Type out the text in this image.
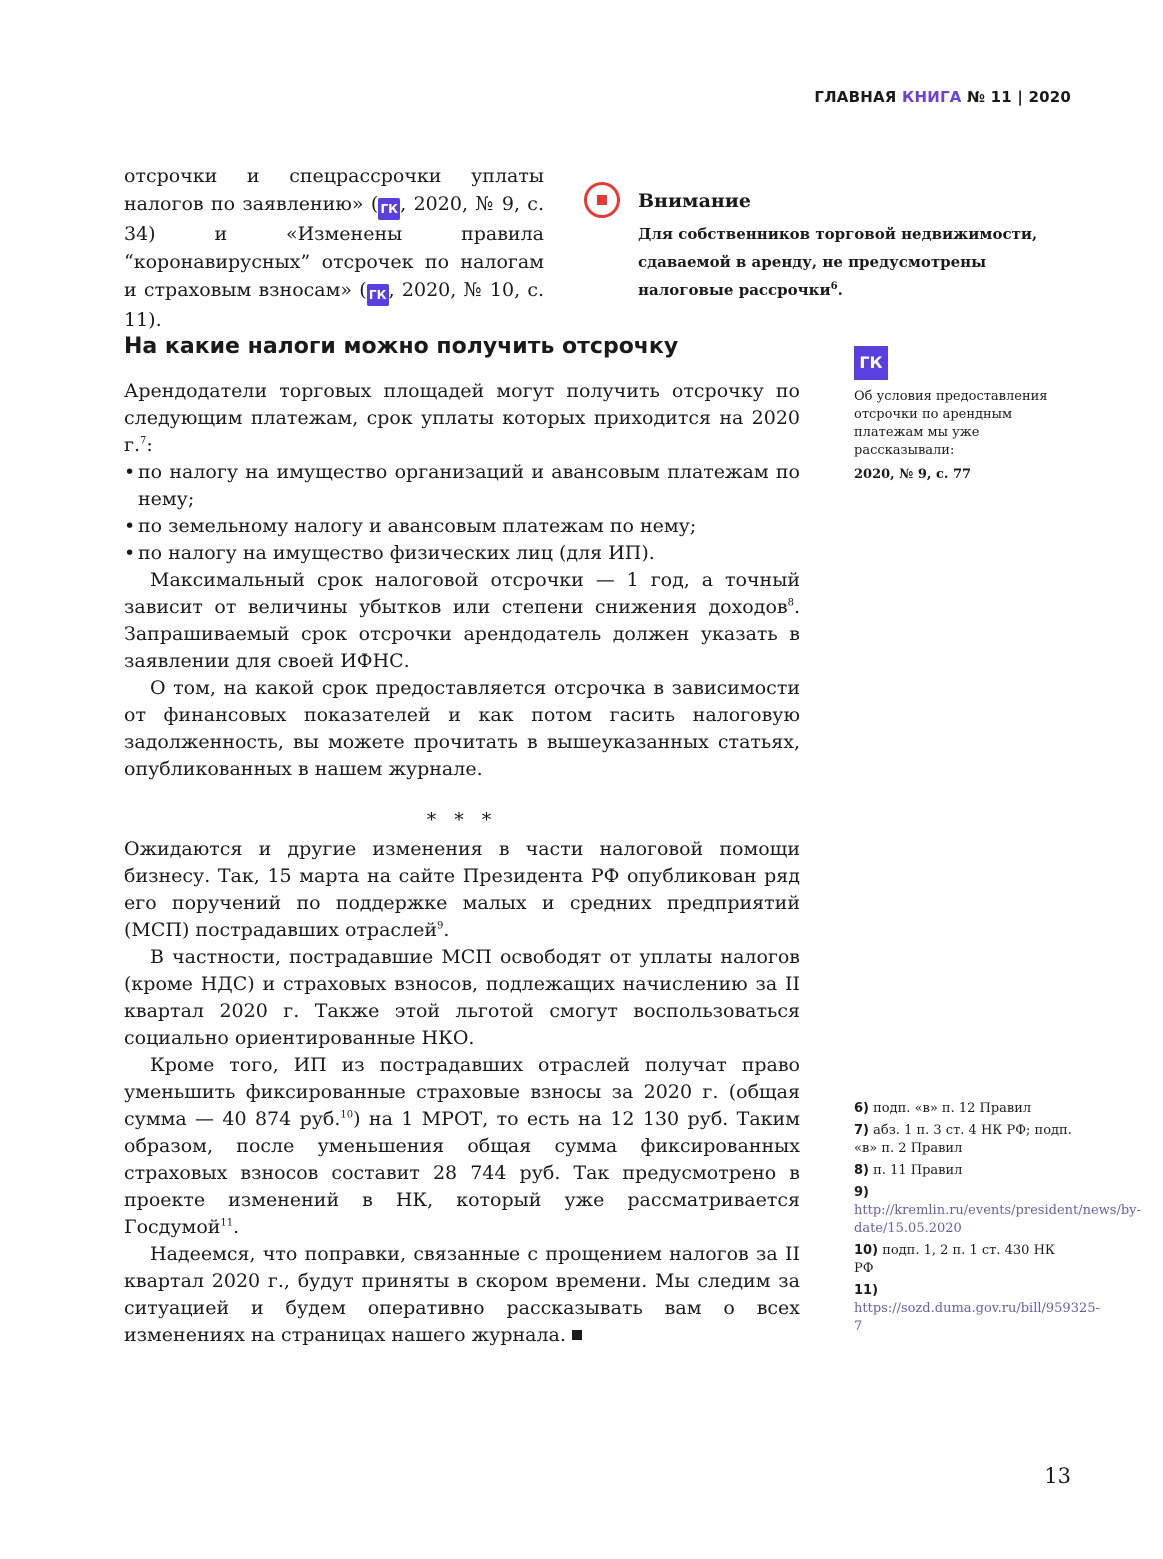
ГЛАВНАЯ КНИГА № 11 | 2020
отсрочки и спецрассрочки уплаты налогов по заявлению» ( ГК , 2020, № 9, с. 34) и «Изменены правила “коронавирусных” отсрочек по налогам и страховым взносам» ( ГК , 2020, № 10, с. 11).
Внимание
Для собственников торговой недвижимости, сдаваемой в аренду, не предусмотрены налоговые рассрочки$^6$.
На какие налоги можно получить отсрочку

Арендодатели торговых площадей могут получить отсрочку по следующим платежам, срок уплаты которых приходится на 2020 г.$^7$:

• по налогу на имущество организаций и авансовым платежам по нему;
• по земельному налогу и авансовым платежам по нему;
• по налогу на имущество физических лиц (для ИП).

Максимальный срок налоговой отсрочки — 1 год, а точный зависит от величины убытков или степени снижения доходов$^8$. Запрашиваемый срок отсрочки арендодатель должен указать в заявлении для своей ИФНС.

О том, на какой срок предоставляется отсрочка в зависимости от финансовых показателей и как потом гасить налоговую задолженность, вы можете прочитать в вышеуказанных статьях, опубликованных в нашем журнале.

* * *

Ожидаются и другие изменения в части налоговой помощи бизнесу. Так, 15 марта на сайте Президента РФ опубликован ряд его поручений по поддержке малых и средних предприятий (МСП) пострадавших отраслей$^9$.

В частности, пострадавшие МСП освободят от уплаты налогов (кроме НДС) и страховых взносов, подлежащих начислению за II квартал 2020 г. Также этой льготой смогут воспользоваться социально ориентированные НКО.

Кроме того, ИП из пострадавших отраслей получат право уменьшить фиксированные страховые взносы за 2020 г. (общая сумма — 40 874 руб.$^{10}$) на 1 МРОТ, то есть на 12 130 руб. Таким образом, после уменьшения общая сумма фиксированных страховых взносов составит 28 744 руб. Так предусмотрено в проекте изменений в НК, который уже рассматривается Госдумой$^{11}$.

Надеемся, что поправки, связанные с прощением налогов за II квартал 2020 г., будут приняты в скором времени. Мы следим за ситуацией и будем оперативно рассказывать вам о всех изменениях на страницах нашего журнала.

ГК
Об условия предоставления отсрочки по арендным платежам мы уже рассказывали:
2020, № 9, с. 77
6) подп. «в» п. 12 Правил
7) абз. 1 п. 3 ст. 4 НК РФ; подп. «в» п. 2 Правил
8) п. 11 Правил
9) http://kremlin.ru/events/president/news/by-date/15.05.2020
10) подп. 1, 2 п. 1 ст. 430 НК РФ
11) https://sozd.duma.gov.ru/bill/959325-7
13
